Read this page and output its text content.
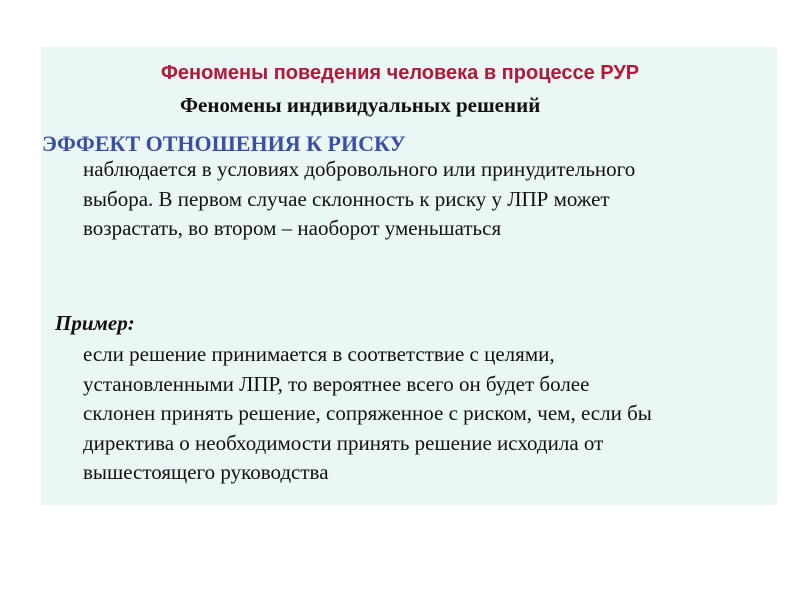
Феномены поведения человека в процессе РУР
Феномены индивидуальных решений
ЭФФЕКТ ОТНОШЕНИЯ К РИСКУ
наблюдается в условиях добровольного или принудительного
выбора. В первом случае склонность к риску у ЛПР может
возрастать, во втором – наоборот уменьшаться
Пример:
если решение принимается в соответствие с целями,
установленными ЛПР, то вероятнее всего он будет более
склонен принять решение, сопряженное с риском, чем, если бы
директива о необходимости принять решение исходила от
вышестоящего руководства
